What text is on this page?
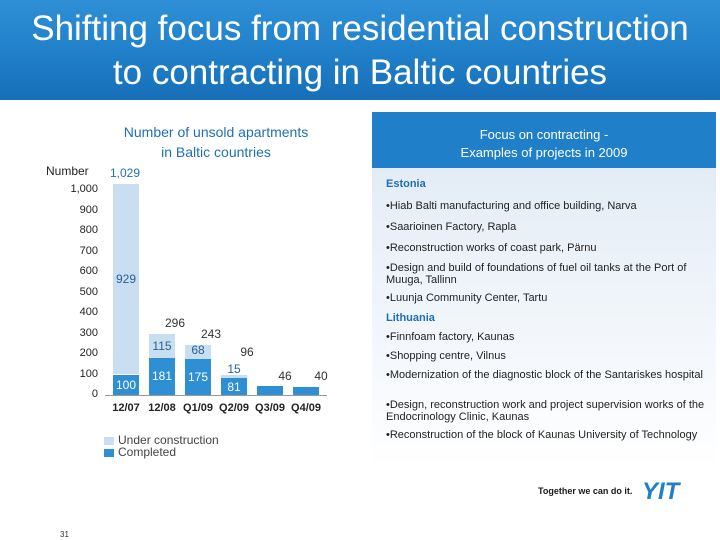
Shifting focus from residential construction
to contracting in Baltic countries
Number of unsold apartments
in Baltic countries
Number
0
100
200
300
400
500
600
700
800
900
1,000
100
929
1,029
12/07
181
115
296
12/08
175
68
243
Q1/09
81
15
96
Q2/09
46
Q3/09
40
Q4/09
Under construction
Completed
Focus on contracting -
Examples of projects in 2009
Estonia
•Hiab Balti manufacturing and office building, Narva
•Saarioinen Factory, Rapla
•Reconstruction works of coast park, Pärnu
•Design and build of foundations of fuel oil tanks at the Port of Muuga, Tallinn
•Luunja Community Center, Tartu
Lithuania
•Finnfoam factory, Kaunas
•Shopping centre, Vilnus
•Modernization of the diagnostic block of the Santariskes hospital
•Design, reconstruction work and project supervision works of the Endocrinology Clinic, Kaunas
•Reconstruction of the block of Kaunas University of Technology
Together we can do it. YIT
31
